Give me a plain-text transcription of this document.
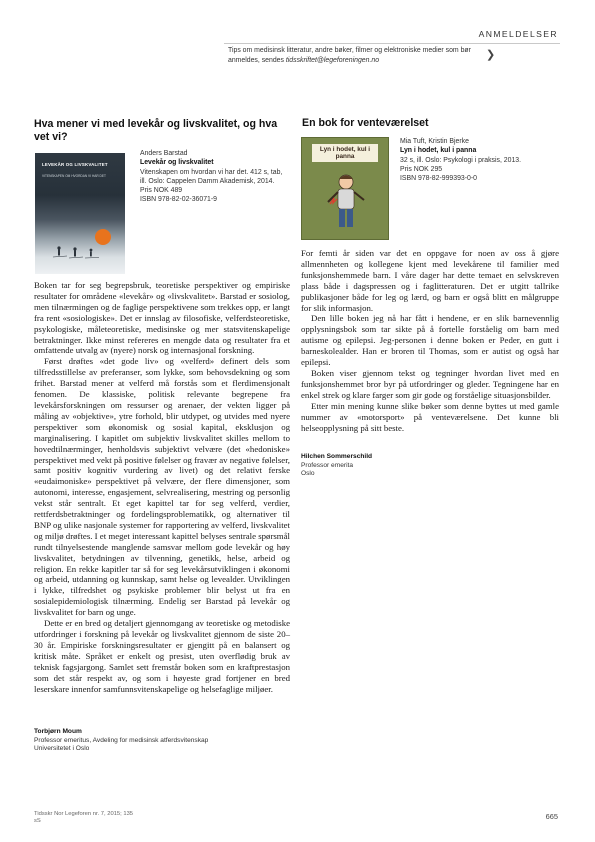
ANMELDELSER
Tips om medisinsk litteratur, andre bøker, filmer og elektroniske medier som bør anmeldes, sendes tidsskriftet@legeforeningen.no	❯
Hva mener vi med levekår og livskvalitet, og hva vet vi?
LEVEKÅR OG LIVSKVALITET
VITENSKAPEN OM HVORDAN VI HAR DET
Anders Barstad
Levekår og livskvalitet
Vitenskapen om hvordan vi har det. 412 s, tab, ill. Oslo: Cappelen Damm Akademisk, 2014.
Pris NOK 489
ISBN 978-82-02-36071-9

Boken tar for seg begrepsbruk, teoretiske perspektiver og empiriske resultater for områdene «levekår» og «livskvalitet». Barstad er sosiolog, men tilnærmingen og de faglige perspektivene som trekkes opp, er langt fra rent «sosiologiske». Det er innslag av filosofiske, velferdsteoretiske, psykologiske, måleteoretiske, medisinske og mer statsvitenskapelige betraktninger. Ikke minst refereres en mengde data og resultater fra et omfattende utvalg av (nyere) norsk og internasjonal forskning.

Først drøftes «det gode liv» og «velferd» definert dels som tilfredsstillelse av preferanser, som lykke, som behovsdekning og som frihet. Barstad mener at velferd må forstås som et flerdimensjonalt fenomen. De klassiske, politisk relevante begrepene fra levekårsforskningen om ressurser og arenaer, der vekten ligger på måling av «objektive», ytre forhold, blir utdypet, og utvides med nyere perspektiver som økonomisk og sosial kapital, eksklusjon og marginalisering. I kapitlet om subjektiv livskvalitet skilles mellom to hovedtilnærminger, henholdsvis subjektivt velvære (det «hedoniske» perspektivet med vekt på positive følelser og fravær av negative følelser, samt positiv kognitiv vurdering av livet) og det relativt ferske «eudaimoniske» perspektivet på velvære, der flere dimensjoner, som autonomi, interesse, engasjement, selvrealisering, mestring og personlig vekst står sentralt. Et eget kapittel tar for seg velferd, verdier, rettferdsbetraktninger og fordelingsproblematikk, og alternativer til BNP og ulike nasjonale systemer for rapportering av velferd, livskvalitet og miljø drøftes. I et meget interessant kapittel belyses sentrale spørsmål rundt tilnyelsestende manglende samsvar mellom gode levekår og høy livskvalitet, betydningen av tilvenning, genetikk, helse, arbeid og religion. En rekke kapitler tar så for seg levekårsutviklingen i økonomi og arbeid, utdanning og kunnskap, samt helse og levealder. Utviklingen i lykke, tilfredshet og psykiske problemer blir belyst ut fra en sosialepidemiologisk tilnærming. Endelig ser Barstad på levekår og livskvalitet for barn og unge.

Dette er en bred og detaljert gjennomgang av teoretiske og metodiske utfordringer i forskning på levekår og livskvalitet gjennom de siste 20–30 år. Empiriske forskningsresultater er gjengitt på en balansert og kritisk måte. Språket er enkelt og presist, uten overflødig bruk av teknisk fagsjargong. Samlet sett fremstår boken som en kraftprestasjon som det står respekt av, og som i høyeste grad fortjener en bred leserskare innenfor samfunnsvitenskapelige og helsefaglige miljøer.

Torbjørn Moum
Professor emeritus, Avdeling for medisinsk atferdsvitenskap
Universitetet i Oslo
En bok for venteværelset
Lyn i hodet, kul i panna
Mia Tuft, Kristin Bjerke
Lyn i hodet, kul i panna
32 s, ill. Oslo: Psykologi i praksis, 2013.
Pris NOK 295
ISBN 978-82-999393-0-0

For femti år siden var det en oppgave for noen av oss å gjøre allmennheten og kollegene kjent med levekårene til familier med funksjonshemmede barn. I våre dager har dette temaet en selvskreven plass både i dagspressen og i faglitteraturen. Det er utgitt tallrike publikasjoner både for leg og lærd, og barn er også blitt en målgruppe for slik informasjon.

Den lille boken jeg nå har fått i hendene, er en slik barnevennlig opplysningsbok som tar sikte på å fortelle forståelig om barn med autisme og epilepsi. Jeg-personen i denne boken er Peder, en gutt i barneskolealder. Han er broren til Thomas, som er autist og også har epilepsi.

Boken viser gjennom tekst og tegninger hvordan livet med en funksjonshemmet bror byr på utfordringer og gleder. Tegningene har en enkel strek og klare farger som gir gode og forståelige situasjonsbilder.

Etter min mening kunne slike bøker som denne byttes ut med gamle nummer av «motorsport» på venteværelsene. Det kunne bli helseopplysning på sitt beste.

Hilchen Sommerschild
Professor emerita
Oslo
Tidsskr Nor Legeforen nr. 7, 2015; 135
sS
665
